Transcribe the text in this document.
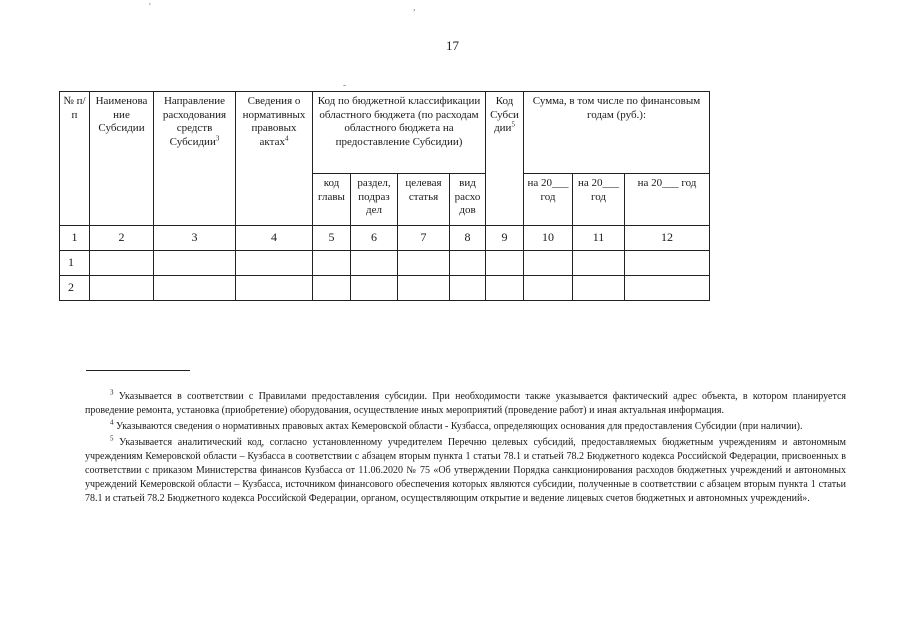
'	,
-
17
№ п/п	Наименова ние Субсидии	Направление расходования средств Субсидии$^3$	Сведения о нормативных правовых актах$^4$	Код по бюджетной классификации областного бюджета (по расходам областного бюджета на предоставление Субсидии)				Код Субси дии$^5$	Сумма, в том числе по финансовым годам (руб.):		
				код главы	раздел, подраз дел	целевая статья	вид расхо дов		на 20___ год	на 20___ год	на 20___ год
1	2	3	4	5	6	7	8	9	10	11	12
1											
2											

$^3$ Указывается в соответствии с Правилами предоставления субсидии. При необходимости также указывается фактический адрес объекта, в котором планируется проведение ремонта, установка (приобретение) оборудования, осуществление иных мероприятий (проведение работ) и иная актуальная информация.

$^4$ Указываются сведения о нормативных правовых актах Кемеровской области - Кузбасса, определяющих основания для предоставления Субсидии (при наличии).

$^5$ Указывается аналитический код, согласно установленному учредителем Перечню целевых субсидий, предоставляемых бюджетным учреждениям и автономным учреждениям Кемеровской области – Кузбасса в соответствии с абзацем вторым пункта 1 статьи 78.1 и статьей 78.2 Бюджетного кодекса Российской Федерации, присвоенных в соответствии с приказом Министерства финансов Кузбасса от 11.06.2020 № 75 «Об утверждении Порядка санкционирования расходов бюджетных учреждений и автономных учреждений Кемеровской области – Кузбасса, источником финансового обеспечения которых являются субсидии, полученные в соответствии с абзацем вторым пункта 1 статьи 78.1 и статьей 78.2 Бюджетного кодекса Российской Федерации, органом, осуществляющим открытие и ведение лицевых счетов бюджетных и автономных учреждений».
